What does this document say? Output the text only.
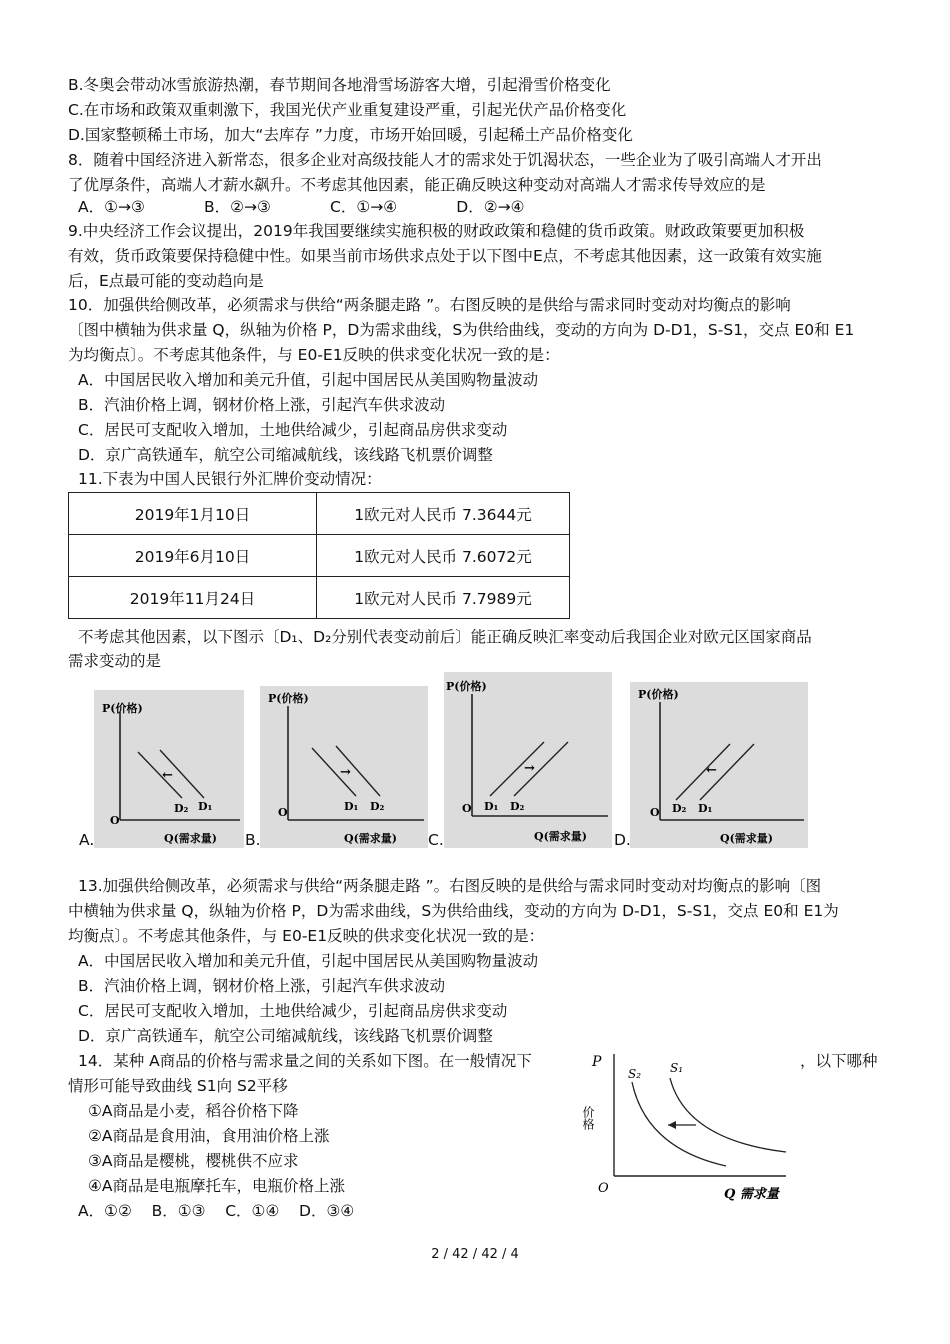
B.冬奥会带动冰雪旅游热潮，春节期间各地滑雪场游客大增，引起滑雪价格变化
C.在市场和政策双重刺激下，我国光伏产业重复建设严重，引起光伏产品价格变化
D.国家整顿稀土市场，加大“去库存 ”力度，市场开始回暖，引起稀土产品价格变化
8．随着中国经济进入新常态，很多企业对高级技能人才的需求处于饥渴状态，一些企业为了吸引高端人才开出
了优厚条件，高端人才薪水飙升。不考虑其他因素，能正确反映这种变动对高端人才需求传导效应的是
A．①→③            B．②→③            C．①→④            D．②→④
9.中央经济工作会议提出，2019年我国要继续实施积极的财政政策和稳健的货币政策。财政政策要更加积极
有效，货币政策要保持稳健中性。如果当前市场供求点处于以下图中E点，不考虑其他因素，这一政策有效实施
后，E点最可能的变动趋向是
10．加强供给侧改革，必须需求与供给“两条腿走路 ”。右图反映的是供给与需求同时变动对均衡点的影响
〔图中横轴为供求量 Q，纵轴为价格 P，D为需求曲线，S为供给曲线，变动的方向为 D-D1，S-S1，交点 E0和 E1
为均衡点〕。不考虑其他条件，与 E0-E1反映的供求变化状况一致的是：
A．中国居民收入增加和美元升值，引起中国居民从美国购物量波动
B．汽油价格上调，钢材价格上涨，引起汽车供求波动
C．居民可支配收入增加，土地供给减少，引起商品房供求变动
D．京广高铁通车，航空公司缩减航线，该线路飞机票价调整
11.下表为中国人民银行外汇牌价变动情况：
2019年1月10日	1欧元对人民币 7.3644元
2019年6月10日	1欧元对人民币 7.6072元
2019年11月24日	1欧元对人民币 7.7989元
不考虑其他因素，以下图示〔D₁、D₂分别代表变动前后〕能正确反映汇率变动后我国企业对欧元区国家商品
需求变动的是
P(价格)
O
Q(需求量)
←
D₂ D₁
A.
P(价格)
O
Q(需求量)
→
D₁ D₂
B.
P(价格)
O
Q(需求量)
→
D₁ D₂
C.
P(价格)
O
Q(需求量)
←
D₂ D₁
D.
13.加强供给侧改革，必须需求与供给“两条腿走路 ”。右图反映的是供给与需求同时变动对均衡点的影响〔图
中横轴为供求量 Q，纵轴为价格 P，D为需求曲线，S为供给曲线，变动的方向为 D-D1，S-S1，交点 E0和 E1为
均衡点〕。不考虑其他条件，与 E0-E1反映的供求变化状况一致的是：
A．中国居民收入增加和美元升值，引起中国居民从美国购物量波动
B．汽油价格上调，钢材价格上涨，引起汽车供求波动
C．居民可支配收入增加，土地供给减少，引起商品房供求变动
D．京广高铁通车，航空公司缩减航线，该线路飞机票价调整
14．某种 A商品的价格与需求量之间的关系如下图。在一般情况下	，以下哪种
情形可能导致曲线 S1向 S2平移
①A商品是小麦，稻谷价格下降
②A商品是食用油，食用油价格上涨
③A商品是樱桃，樱桃供不应求
④A商品是电瓶摩托车，电瓶价格上涨
A．①②    B．①③    C．①④    D．③④
P
价格
S₂ S₁
O	Q 需求量
2 / 42 / 42 / 4
